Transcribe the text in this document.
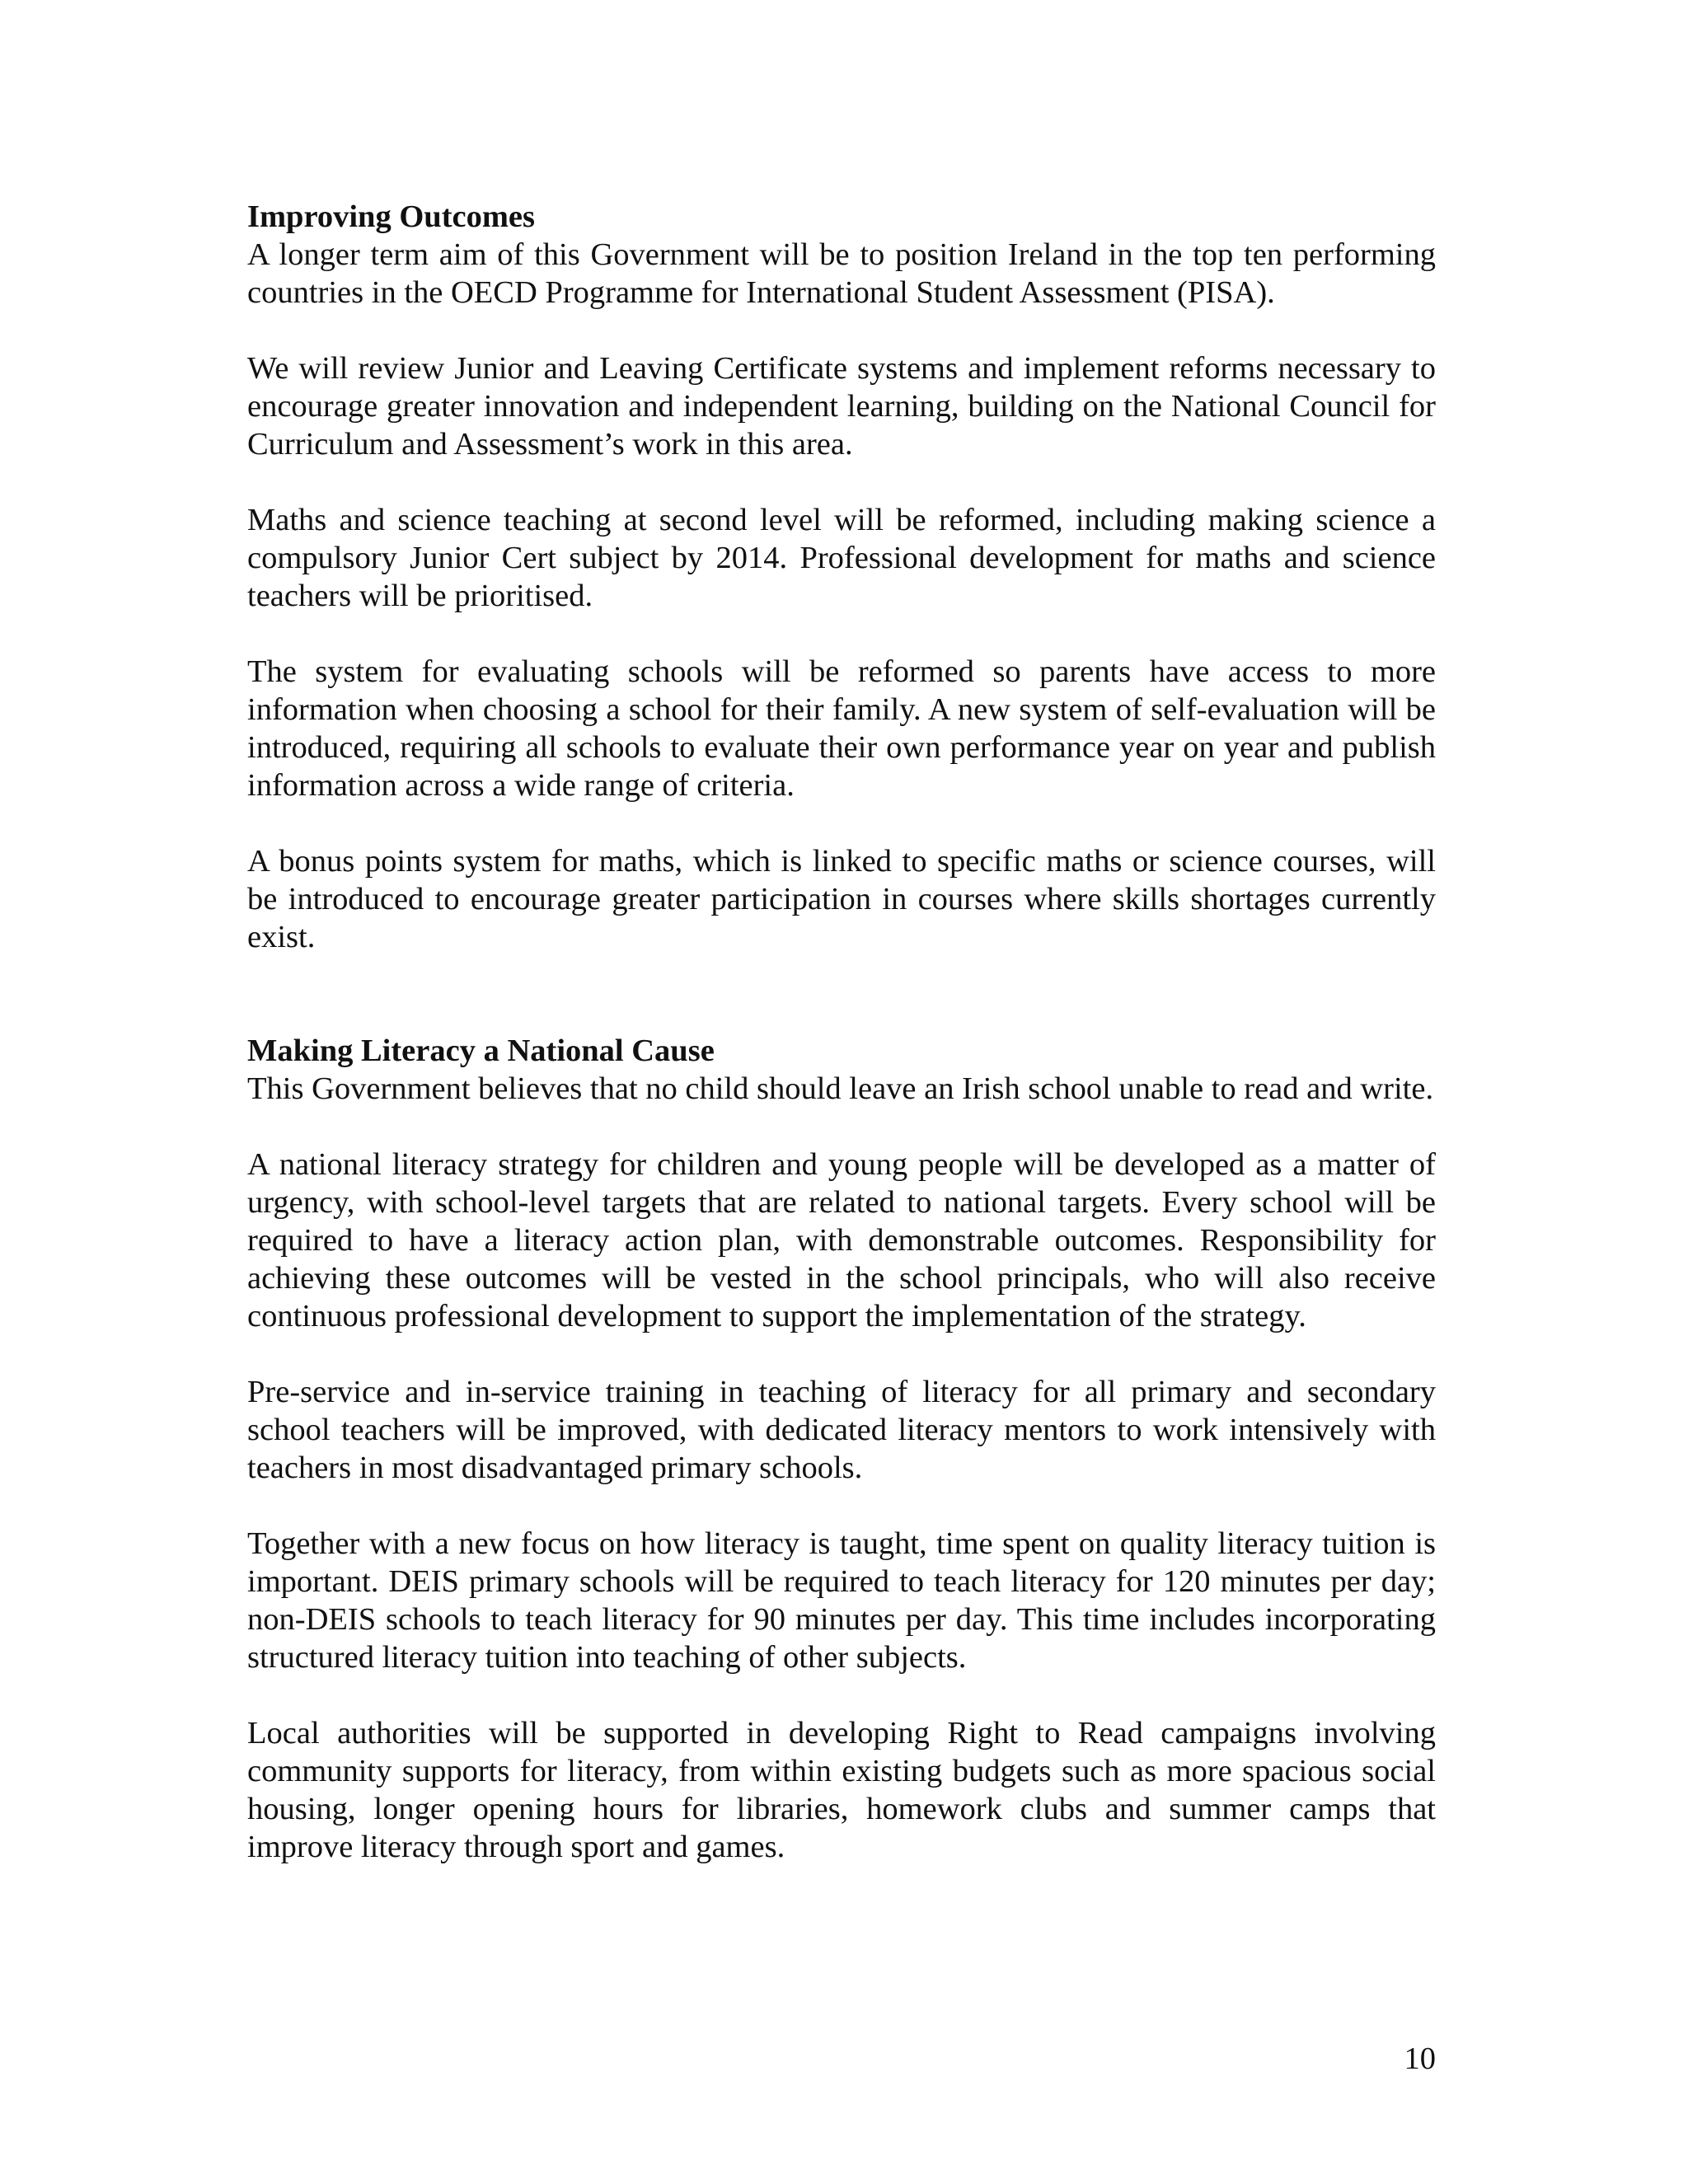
Improving Outcomes

A longer term aim of this Government will be to position Ireland in the top ten performing countries in the OECD Programme for International Student Assessment (PISA).

We will review Junior and Leaving Certificate systems and implement reforms necessary to encourage greater innovation and independent learning, building on the National Council for Curriculum and Assessment’s work in this area.

Maths and science teaching at second level will be reformed, including making science a compulsory Junior Cert subject by 2014. Professional development for maths and science teachers will be prioritised.

The system for evaluating schools will be reformed so parents have access to more information when choosing a school for their family. A new system of self-evaluation will be introduced, requiring all schools to evaluate their own performance year on year and publish information across a wide range of criteria.

A bonus points system for maths, which is linked to specific maths or science courses, will be introduced to encourage greater participation in courses where skills shortages currently exist.

Making Literacy a National Cause

This Government believes that no child should leave an Irish school unable to read and write.

A national literacy strategy for children and young people will be developed as a matter of urgency, with school-level targets that are related to national targets. Every school will be required to have a literacy action plan, with demonstrable outcomes. Responsibility for achieving these outcomes will be vested in the school principals, who will also receive continuous professional development to support the implementation of the strategy.

Pre-service and in-service training in teaching of literacy for all primary and secondary school teachers will be improved, with dedicated literacy mentors to work intensively with teachers in most disadvantaged primary schools.

Together with a new focus on how literacy is taught, time spent on quality literacy tuition is important. DEIS primary schools will be required to teach literacy for 120 minutes per day; non-DEIS schools to teach literacy for 90 minutes per day. This time includes incorporating structured literacy tuition into teaching of other subjects.

Local authorities will be supported in developing Right to Read campaigns involving community supports for literacy, from within existing budgets such as more spacious social housing, longer opening hours for libraries, homework clubs and summer camps that improve literacy through sport and games.

10
